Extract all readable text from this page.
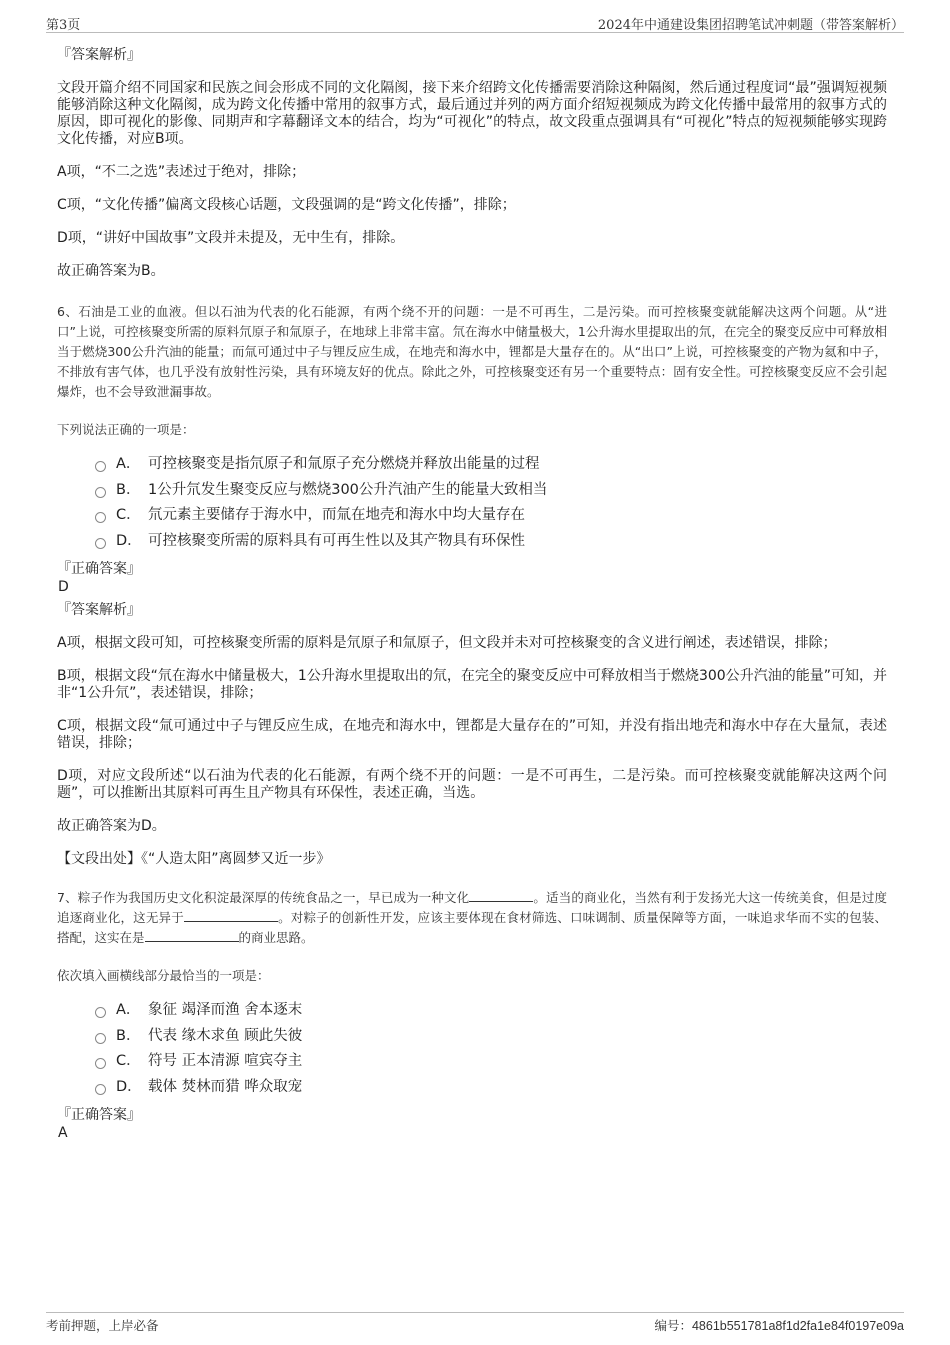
第3页	2024年中通建设集团招聘笔试冲刺题（带答案解析）

『答案解析』

文段开篇介绍不同国家和民族之间会形成不同的文化隔阂，接下来介绍跨文化传播需要消除这种隔阂，然后通过程度词“最”强调短视频能够消除这种文化隔阂，成为跨文化传播中常用的叙事方式，最后通过并列的两方面介绍短视频成为跨文化传播中最常用的叙事方式的原因，即可视化的影像、同期声和字幕翻译文本的结合，均为“可视化”的特点，故文段重点强调具有“可视化”特点的短视频能够实现跨文化传播，对应B项。

A项，“不二之选”表述过于绝对，排除；

C项，“文化传播”偏离文段核心话题，文段强调的是“跨文化传播”，排除；

D项，“讲好中国故事”文段并未提及，无中生有，排除。

故正确答案为B。

6、石油是工业的血液。但以石油为代表的化石能源，有两个绕不开的问题：一是不可再生，二是污染。而可控核聚变就能解决这两个问题。从“进口”上说，可控核聚变所需的原料氘原子和氚原子，在地球上非常丰富。氘在海水中储量极大，1公升海水里提取出的氘，在完全的聚变反应中可释放相当于燃烧300公升汽油的能量；而氚可通过中子与锂反应生成，在地壳和海水中，锂都是大量存在的。从“出口”上说，可控核聚变的产物为氦和中子，不排放有害气体，也几乎没有放射性污染，具有环境友好的优点。除此之外，可控核聚变还有另一个重要特点：固有安全性。可控核聚变反应不会引起爆炸，也不会导致泄漏事故。

下列说法正确的一项是：

A． 可控核聚变是指氘原子和氚原子充分燃烧并释放出能量的过程
B． 1公升氘发生聚变反应与燃烧300公升汽油产生的能量大致相当
C． 氘元素主要储存于海水中，而氚在地壳和海水中均大量存在
D． 可控核聚变所需的原料具有可再生性以及其产物具有环保性

『正确答案』

D

『答案解析』

A项，根据文段可知，可控核聚变所需的原料是氘原子和氚原子，但文段并未对可控核聚变的含义进行阐述，表述错误，排除；

B项，根据文段“氘在海水中储量极大，1公升海水里提取出的氘，在完全的聚变反应中可释放相当于燃烧300公升汽油的能量”可知，并非“1公升氘”，表述错误，排除；

C项，根据文段“氚可通过中子与锂反应生成，在地壳和海水中，锂都是大量存在的”可知，并没有指出地壳和海水中存在大量氚，表述错误，排除；

D项，对应文段所述“以石油为代表的化石能源，有两个绕不开的问题：一是不可再生，二是污染。而可控核聚变就能解决这两个问题”，可以推断出其原料可再生且产物具有环保性，表述正确，当选。

故正确答案为D。

【文段出处】《“人造太阳”离圆梦又近一步》

7、粽子作为我国历史文化积淀最深厚的传统食品之一，早已成为一种文化	。适当的商业化，当然有利于发扬光大这一传统美食，但是过度追逐商业化，这无异于	。对粽子的创新性开发，应该主要体现在食材筛选、口味调制、质量保障等方面，一味追求华而不实的包装、搭配，这实在是	的商业思路。

依次填入画横线部分最恰当的一项是：

A． 象征 竭泽而渔 舍本逐末
B． 代表 缘木求鱼 顾此失彼
C． 符号 正本清源 喧宾夺主
D． 载体 焚林而猎 哗众取宠

『正确答案』

A

考前押题，上岸必备	编号：4861b551781a8f1d2fa1e84f0197e09a
